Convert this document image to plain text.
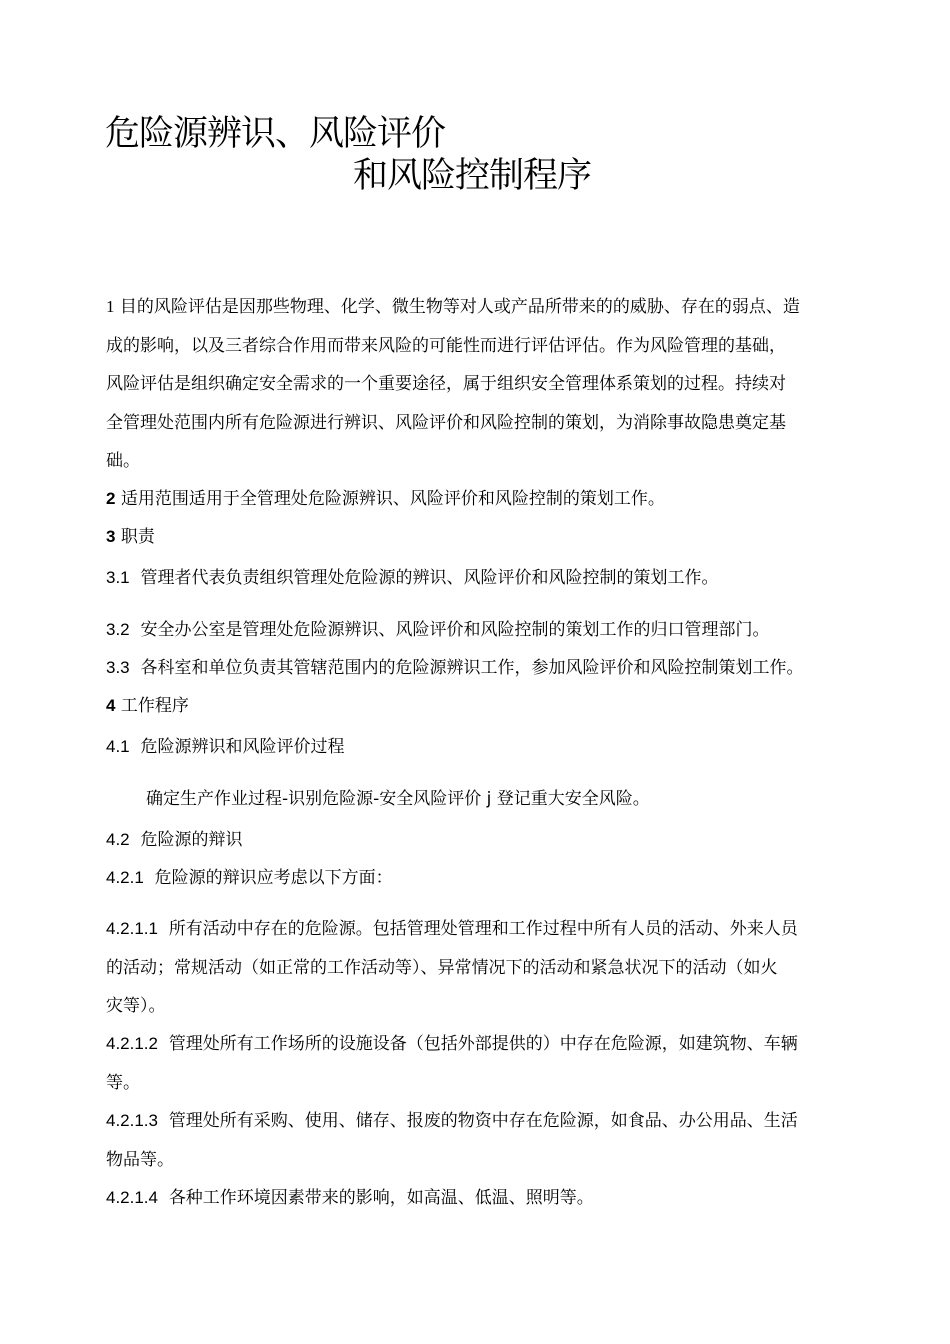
危险源辨识、风险评价
和风险控制程序
1 目的风险评估是因那些物理、化学、微生物等对人或产品所带来的的威胁、存在的弱点、造
成的影响，以及三者综合作用而带来风险的可能性而进行评估评估。作为风险管理的基础，
风险评估是组织确定安全需求的一个重要途径，属于组织安全管理体系策划的过程。持续对
全管理处范围内所有危险源进行辨识、风险评价和风险控制的策划，为消除事故隐患奠定基
础。
2 适用范围适用于全管理处危险源辨识、风险评价和风险控制的策划工作。
3 职责
3.1 管理者代表负责组织管理处危险源的辨识、风险评价和风险控制的策划工作。
3.2 安全办公室是管理处危险源辨识、风险评价和风险控制的策划工作的归口管理部门。
3.3 各科室和单位负责其管辖范围内的危险源辨识工作，参加风险评价和风险控制策划工作。
4 工作程序
4.1 危险源辨识和风险评价过程
确定生产作业过程-识别危险源-安全风险评价 j 登记重大安全风险。
4.2 危险源的辩识
4.2.1 危险源的辩识应考虑以下方面：
4.2.1.1 所有活动中存在的危险源。包括管理处管理和工作过程中所有人员的活动、外来人员
的活动；常规活动（如正常的工作活动等）、异常情况下的活动和紧急状况下的活动（如火
灾等）。
4.2.1.2 管理处所有工作场所的设施设备（包括外部提供的）中存在危险源，如建筑物、车辆
等。
4.2.1.3 管理处所有采购、使用、储存、报废的物资中存在危险源，如食品、办公用品、生活
物品等。
4.2.1.4 各种工作环境因素带来的影响，如高温、低温、照明等。
